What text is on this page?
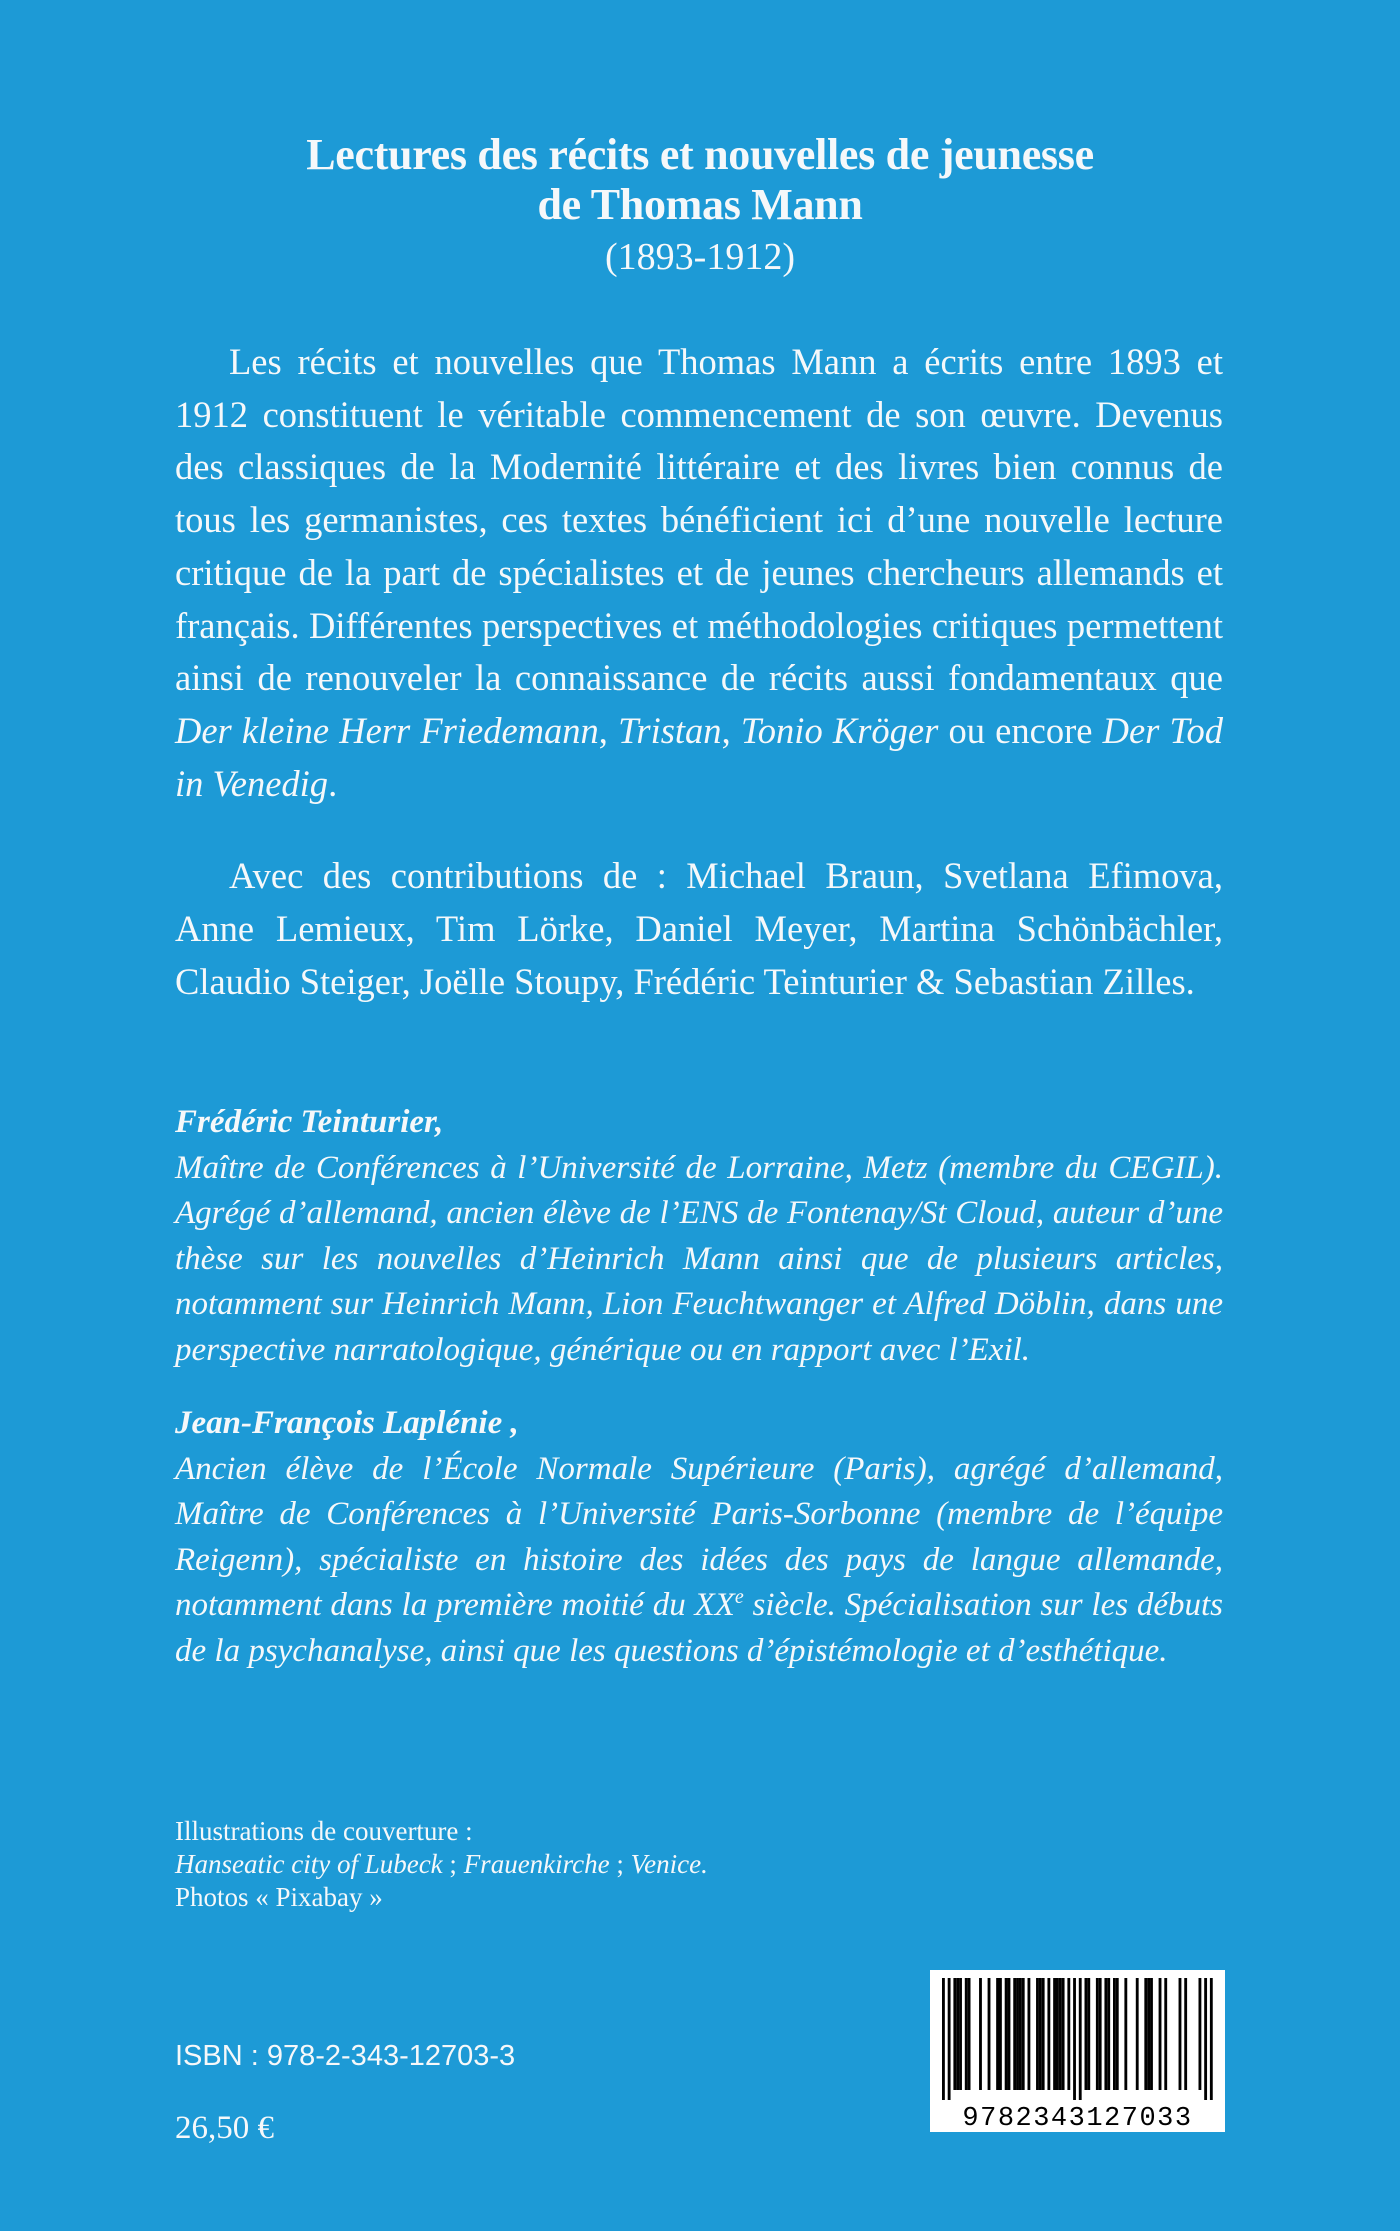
Lectures des récits et nouvelles de jeunesse
de Thomas Mann
(1893-1912)

Les récits et nouvelles que Thomas Mann a écrits entre 1893 et 1912 constituent le véritable commencement de son œuvre. Devenus des classiques de la Modernité littéraire et des livres bien connus de tous les germanistes, ces textes bénéficient ici d’une nouvelle lecture critique de la part de spécialistes et de jeunes chercheurs allemands et français. Différentes perspectives et méthodologies critiques permettent ainsi de renouveler la connaissance de récits aussi fondamentaux que Der kleine Herr Friedemann, Tristan, Tonio Kröger ou encore Der Tod in Venedig.

Avec des contributions de : Michael Braun, Svetlana Efimova, Anne Lemieux, Tim Lörke, Daniel Meyer, Martina Schönbächler, Claudio Steiger, Joëlle Stoupy, Frédéric Teinturier & Sebastian Zilles.

Frédéric Teinturier,

Maître de Conférences à l’Université de Lorraine, Metz (membre du CEGIL). Agrégé d’allemand, ancien élève de l’ENS de Fontenay/St Cloud, auteur d’une thèse sur les nouvelles d’Heinrich Mann ainsi que de plusieurs articles, notamment sur Heinrich Mann, Lion Feuchtwanger et Alfred Döblin, dans une perspective narratologique, générique ou en rapport avec l’Exil.

Jean-François Laplénie ,

Ancien élève de l’École Normale Supérieure (Paris), agrégé d’allemand, Maître de Conférences à l’Université Paris-Sorbonne (membre de l’équipe Reigenn), spécialiste en histoire des idées des pays de langue allemande, notamment dans la première moitié du XXe siècle. Spécialisation sur les débuts de la psychanalyse, ainsi que les questions d’épistémologie et d’esthétique.

Illustrations de couverture :
Hanseatic city of Lubeck ; Frauenkirche ; Venice.
Photos « Pixabay »
ISBN : 978-2-343-12703-3
26,50 €	9782343127033
